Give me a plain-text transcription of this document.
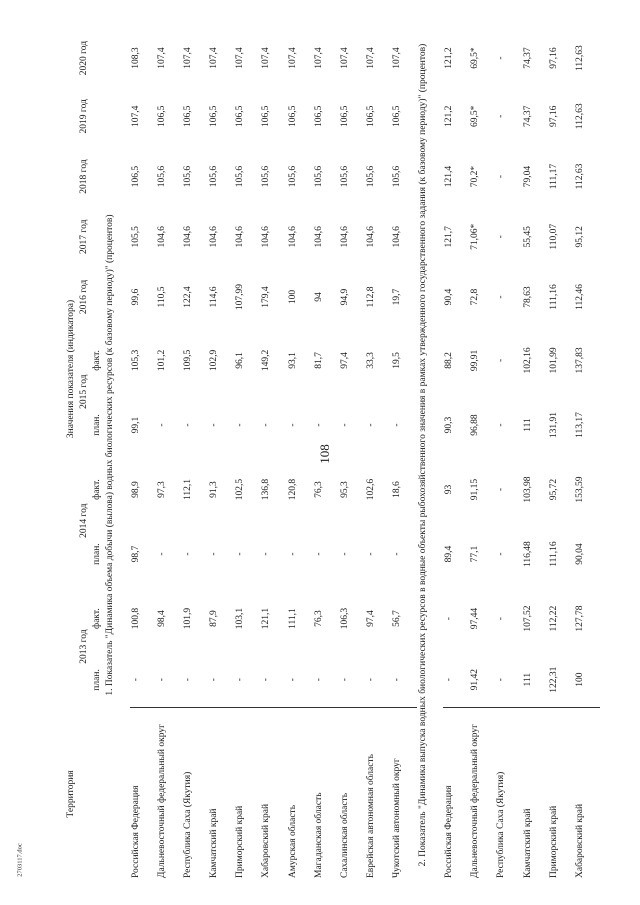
108
2703117.doc
Территория	Значения показателя (индикатора)										
	2013 год		2014 год		2015 год		2016 год	2017 год	2018 год	2019 год	2020 год
	план.	факт.	план.	факт.	план.	факт.					
1. Показатель "Динамика объема добычи (вылова) водных биологических ресурсов (к базовому периоду)" (процентов)											
Российская Федерация	-	100,8	98,7	98,9	99,1	105,3	99,6	105,5	106,5	107,4	108,3
Дальневосточный федеральный округ	-	98,4	-	97,3	-	101,2	110,5	104,6	105,6	106,5	107,4
Республика Саха (Якутия)	-	101,9	-	112,1	-	109,5	122,4	104,6	105,6	106,5	107,4
Камчатский край	-	87,9	-	91,3	-	102,9	114,6	104,6	105,6	106,5	107,4
Приморский край	-	103,1	-	102,5	-	96,1	107,99	104,6	105,6	106,5	107,4
Хабаровский край	-	121,1	-	136,8	-	149,2	179,4	104,6	105,6	106,5	107,4
Амурская область	-	111,1	-	120,8	-	93,1	100	104,6	105,6	106,5	107,4
Магаданская область	-	76,3	-	76,3	-	81,7	94	104,6	105,6	106,5	107,4
Сахалинская область	-	106,3	-	95,3	-	97,4	94,9	104,6	105,6	106,5	107,4
Еврейская автономная область	-	97,4	-	102,6	-	33,3	112,8	104,6	105,6	106,5	107,4
Чукотский автономный округ	-	56,7	-	18,6	-	19,5	19,7	104,6	105,6	106,5	107,4
2. Показатель "Динамика выпуска водных биологических ресурсов в водные объекты рыбохозяйственного значения в рамках утвержденного государственного задания (к базовому периоду)" (процентов)											
Российская Федерация	-	-	89,4	93	90,3	88,2	90,4	121,7	121,4	121,2	121,2
Дальневосточный федеральный округ	91,42	97,44	77,1	91,15	96,88	99,91	72,8	71,06*	70,2*	69,5*	69,5*
Республика Саха (Якутия)	-	-	-	-	-	-	-	-	-	-	-
Камчатский край	111	107,52	116,48	103,98	111	102,16	78,63	55,45	79,04	74,37	74,37
Приморский край	122,31	112,22	111,16	95,72	131,91	101,99	111,16	110,07	111,17	97,16	97,16
Хабаровский край	100	127,78	90,04	153,59	113,17	137,83	112,46	95,12	112,63	112,63	112,63
